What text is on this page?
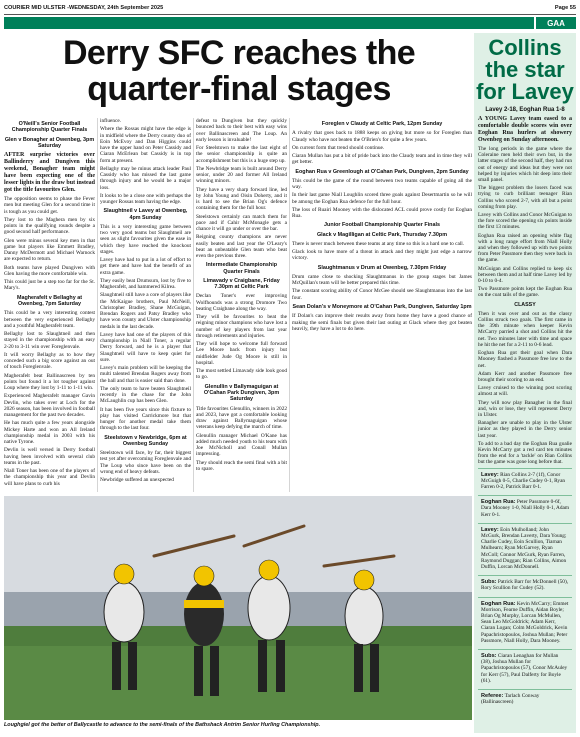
COURIER MID ULSTER -WEDNESDAY, 24th September 2025	Page 55
GAA
Derry SFC reaches the quarter-final stages
O'Neill's Senior Football Championship Quarter Finals
Glen v Bonagher at Owenbeg, 3pm Saturday

AFTER surprise victories over Ballinderry and Dungiven this weekend, Bonagher team might have been expecting one of the lesser lights in the draw but instead got the title favourites Glen.

The opposition seems to phase the Fever men but meeting Glen for a second time it is tough as you could get.

They lost to the Maghera men by six points in the qualifying rounds despite a good second half performance.

Glen were minus several key men in that game but players like Emmett Bradley, Danny McDermott and Michael Warnock are expected to return.

Both teams have played Dungiven with Glen having the more comfortable win.

This could just be a step too far for the St. Mary's.

Magherafelt v Bellaghy at Owenbeg, 7pm Saturday

This could be a very interesting contest between the very experienced Bellaghy and a youthful Magherafelt team.

Bellaghy lost to Slaughtneil and then stayed in the championship with an easy 2-20 to 3-11 win over Foreglenvale.

It will worry Bellaghy as to how they conceded such a big score against an out of touch Foreglenvale.

Magherafelt beat Ballinascreen by ten points but found it a lot tougher against Loup where they lost by 1-11 to 1-11 win.

Experienced Magherafelt manager Gavin Devlin, who takes over at Loch for the 2026 season, has been involved in football management for the past two decades.

He has much quite a few years alongside Mickey Harte and won an All Ireland championship medal in 2003 with his native Tyrone.

Devlin is well versed in Derry football having been involved with several club teams in the past.

Niall Toner has been one of the players of the championship this year and Devlin will have plans to curb his

influence.

Where the Rossas might have the edge is in midfield where the Derry county duo of Eoin McEvoy and Dan Higgins could have the upper hand on Peter Cassidy and Ciaran McErlean but Cassidy is in top form at present.

Bellaghy may be minus attack leader Paul Cassidy who has missed the last game through injury and he would be a major loss.

It looks to be a close one with perhaps the younger Rossas team having the edge.

Slaughtneil v Lavey at Owenbeg, 4pm Sunday

This is a very interesting game between two very good teams but Slaughtneil are seen as slight favourites given the ease in which they have reached the knockout stages.

Lavey have had to put in a lot of effort to get there and have had the benefit of an extra game.

They easily beat Drumsurn, lost by five to Magherafelt, and hammered Kilrea.

Slaughtneil still have a core of players like the McKaigue brothers, Paul McNeill, Christopher Bradley, Shane McGuigan, Brendan Rogers and Patsy Bradley who have won county and Ulster championship medals in the last decade.

Lavey have had one of the players of this championship in Niall Toner, a regular Derry forward, and he is a player that Slaughtneil will have to keep quiet for sure.

Lavey's main problem will be keeping the multi talented Brendan Rogers away from the ball and that is easier said than done.

The only team to have beaten Slaughtneil recently in the chase for the John McLaughlin cup has been Glen.

It has been five years since this fixture to play has visited Carrickmore but that hunger for another medal take them through to the last four.

Steelstown v Newbridge, 6pm at Owenbeg Sunday

Steelstown will face, by far, their biggest test yet after overcoming Foreglenvale and The Loup who since have been on the wrong end of heavy defeats.

Newbridge suffered an unexpected

defeat to Dungiven but they quickly bounced back to their best with easy wins over Ballinascreen and The Loup. An early lesson is invaluable!

For Steelstown to make the last eight of the senior championship is quite an accomplishment but this is a huge step up.

The Newbridge team is built around Derry senior, under 20 and former All Ireland winning minors.

They have a very sharp forward line, led by John Young and Oisin Doherty, and it is hard to see the Brian Og's defence containing them for the full hour.

Steelstown certainly can match them for pace and if Cahir McMonagle gets a chance it will go under or over the bar.

Reigning county champions are never easily beaten and last year the O'Leary's beat an unbeatable Glen team who beat even the previous three.

Intermediate Championship Quarter Finals
Limavady v Craigbane, Friday 7.30pm at Celtic Park

Declan Toner's ever improving Wolfhounds was a strong Dromore Two beating Craigbane along the way.

They will be favourites to beat the reigning minor champions who have lost a number of key players from last year through retirements and injuries.

They will hope to welcome full forward Lee Moore back from injury but midfielder Jude Og Moore is still in hospital.

The most settled Limavady side look good to go.

Glenullin v Ballymaguigan at O'Cahan Park Dungiven, 3pm Saturday

Title favourites Glenullin, winners in 2022 and 2023, have got a comfortable looking draw against Ballymaguigan whose veterans keep defying the march of time.

Glenullin manager Michael O'Kane has added much needed youth to his team with Joe McNicholl and Conall Mullan impressing.

They should reach the semi final with a bit to spare.

Foreglen v Claudy at Celtic Park, 12pm Sunday

A rivalry that goes back to 1888 keeps on giving but more so for Foreglen than Claudy who have not beaten the O'Brien's for quite a few years.

On current form that trend should continue.

Ciaran Mullan has put a bit of pride back into the Claudy team and in time they will get better.

Eoghan Rua v Greenlough at O'Cahan Park, Dungiven, 2pm Sunday

This could be the game of the round between two teams capable of going all the way.

In their last game Niall Loughlin scored three goals against Desertmartin so he will be among the Eoghan Rua defence for the full hour.

The loss of Ruairi Mooney with the dislocated ACL could prove costly for Eoghan Rua.

Junior Football Championship Quarter Finals
Glack v Magilligan at Celtic Park, Thursday 7.30pm

There is never much between these teams at any time so this is a hard one to call.

Glack look to have more of a threat in attack and they might just edge a narrow victory.

Slaughtmanus v Drum at Owenbeg, 7.30pm Friday

Drum came close to shocking Slaughtmanus in the group stages but James McQuillan's team will be better prepared this time.

The constant scoring ability of Conor McGee should see Slaughtmanus into the last four.

Sean Dolan's v Moneymore at O'Cahan Park, Dungiven, Saturday 1pm

If Dolan's can improve their results away from home they have a good chance of making the semi finals but given their last outing at Glack where they got beaten heavily, they have a lot to do here.

Loughgiel got the better of Ballycastle to advance to the semi-finals of the Bathshack Antrim Senior Hurling Championship.
Collins the star for Lavey
Lavey 2-18, Eoghan Rua 1-8

A YOUNG Lavey team eased to a comfortable double scores win over Eoghan Rua hurlers at showery Owenbeg on Sunday afternoon.

The long periods in the game where the Coleraine men held their own but, in the latter stages of the second half, they had run out of energy and ideas but they were not helped by injuries which hit deep into their small panel.

The biggest problem the losers faced was trying to curb brilliant teenager Rian Collins who scored 2-7, with all but a point coming from play.

Lavey with Collins and Conor McGuigan to the fore scored the opening six points inside the first 13 minutes.

Eoghan Rua raised an opening white flag with a long range effort from Niall Holly and when they followed up with two points from Peter Passmore then they were back in the game.

McGuigan and Collins replied to keep six between them and at half time Lavey led by 0-10 to 0-4.

Two Passmore points kept the Eoghan Rua on the coat tails of the game.

CLASSY

Then it was over and out as the classy Collins struck two goals. The first came in the 39th minute when keeper Kevin McCarry parried a shot and Collins hit the net. Two minutes later with time and space he hit the net for a 2-11 to 0-6 lead.

Eoghan Rua got their goal when Dara Mooney flashed a Passmore free low to the net.

Adam Kerr and another Passmore free brought their scoring to an end.

Lavey cruised to the winning post scoring almost at will.

They will now play Banagher in the final and, win or lose, they will represent Derry in Ulster.

Banagher are unable to play in the Ulster junior as they played in the Derry senior last year.

To add to a bad day the Eoghan Rua goalie Kevin McCarry got a red card ten minutes from the end for a 'tackle' on Rian Collins but the game was gone long before that.

Lavey: Rian Collins 2-7 (1f), Conor McGuigh 0-5, Charlie Cudey 0-1, Ryan Farren 0-2, Patrick Barr 0-1.
Eoghan Rua: Peter Passmore 0-6f, Dara Mooney 1-0, Niall Holly 0-1, Adam Kerr 0-1.
Lavey: Eoin Mulholland; John McGurk, Brendan Laverty, Dara Young; Charlie Cudey, Eoin Scullion, Tiarnan Mulhearn; Ryan McGarvey, Ryan McColl; Connor McGurk, Ryan Farren, Raymond Duggan; Rian Collins, Aimon Duffin, Lorcan McDonnell.
Subs: Patrick Barr for McDonnell (50), Rory Scullion for Cudey (52).
Eoghan Rua: Kevin McCarry; Emmet Morrison, Fearne Duffin, Aidan Boyle; Brian Og Murphy, Lorcan McMullen, Sean Leo McGoldrick; Adam Kerr, Ciaran Logan; Colm McGoldrick, Kevin Papachristopoulos, Joshua Mullan; Peter Passmore, Niall Holly, Dara Mooney.
Subs: Ciaran Lenaghan for Mullan (38), Joshua Mullan for Papachristopoulos (57), Conor McAuley for Kerr (57), Paul Dalferty for Boyle (61).
Referee: Tarlach Conway (Ballinascreen)
